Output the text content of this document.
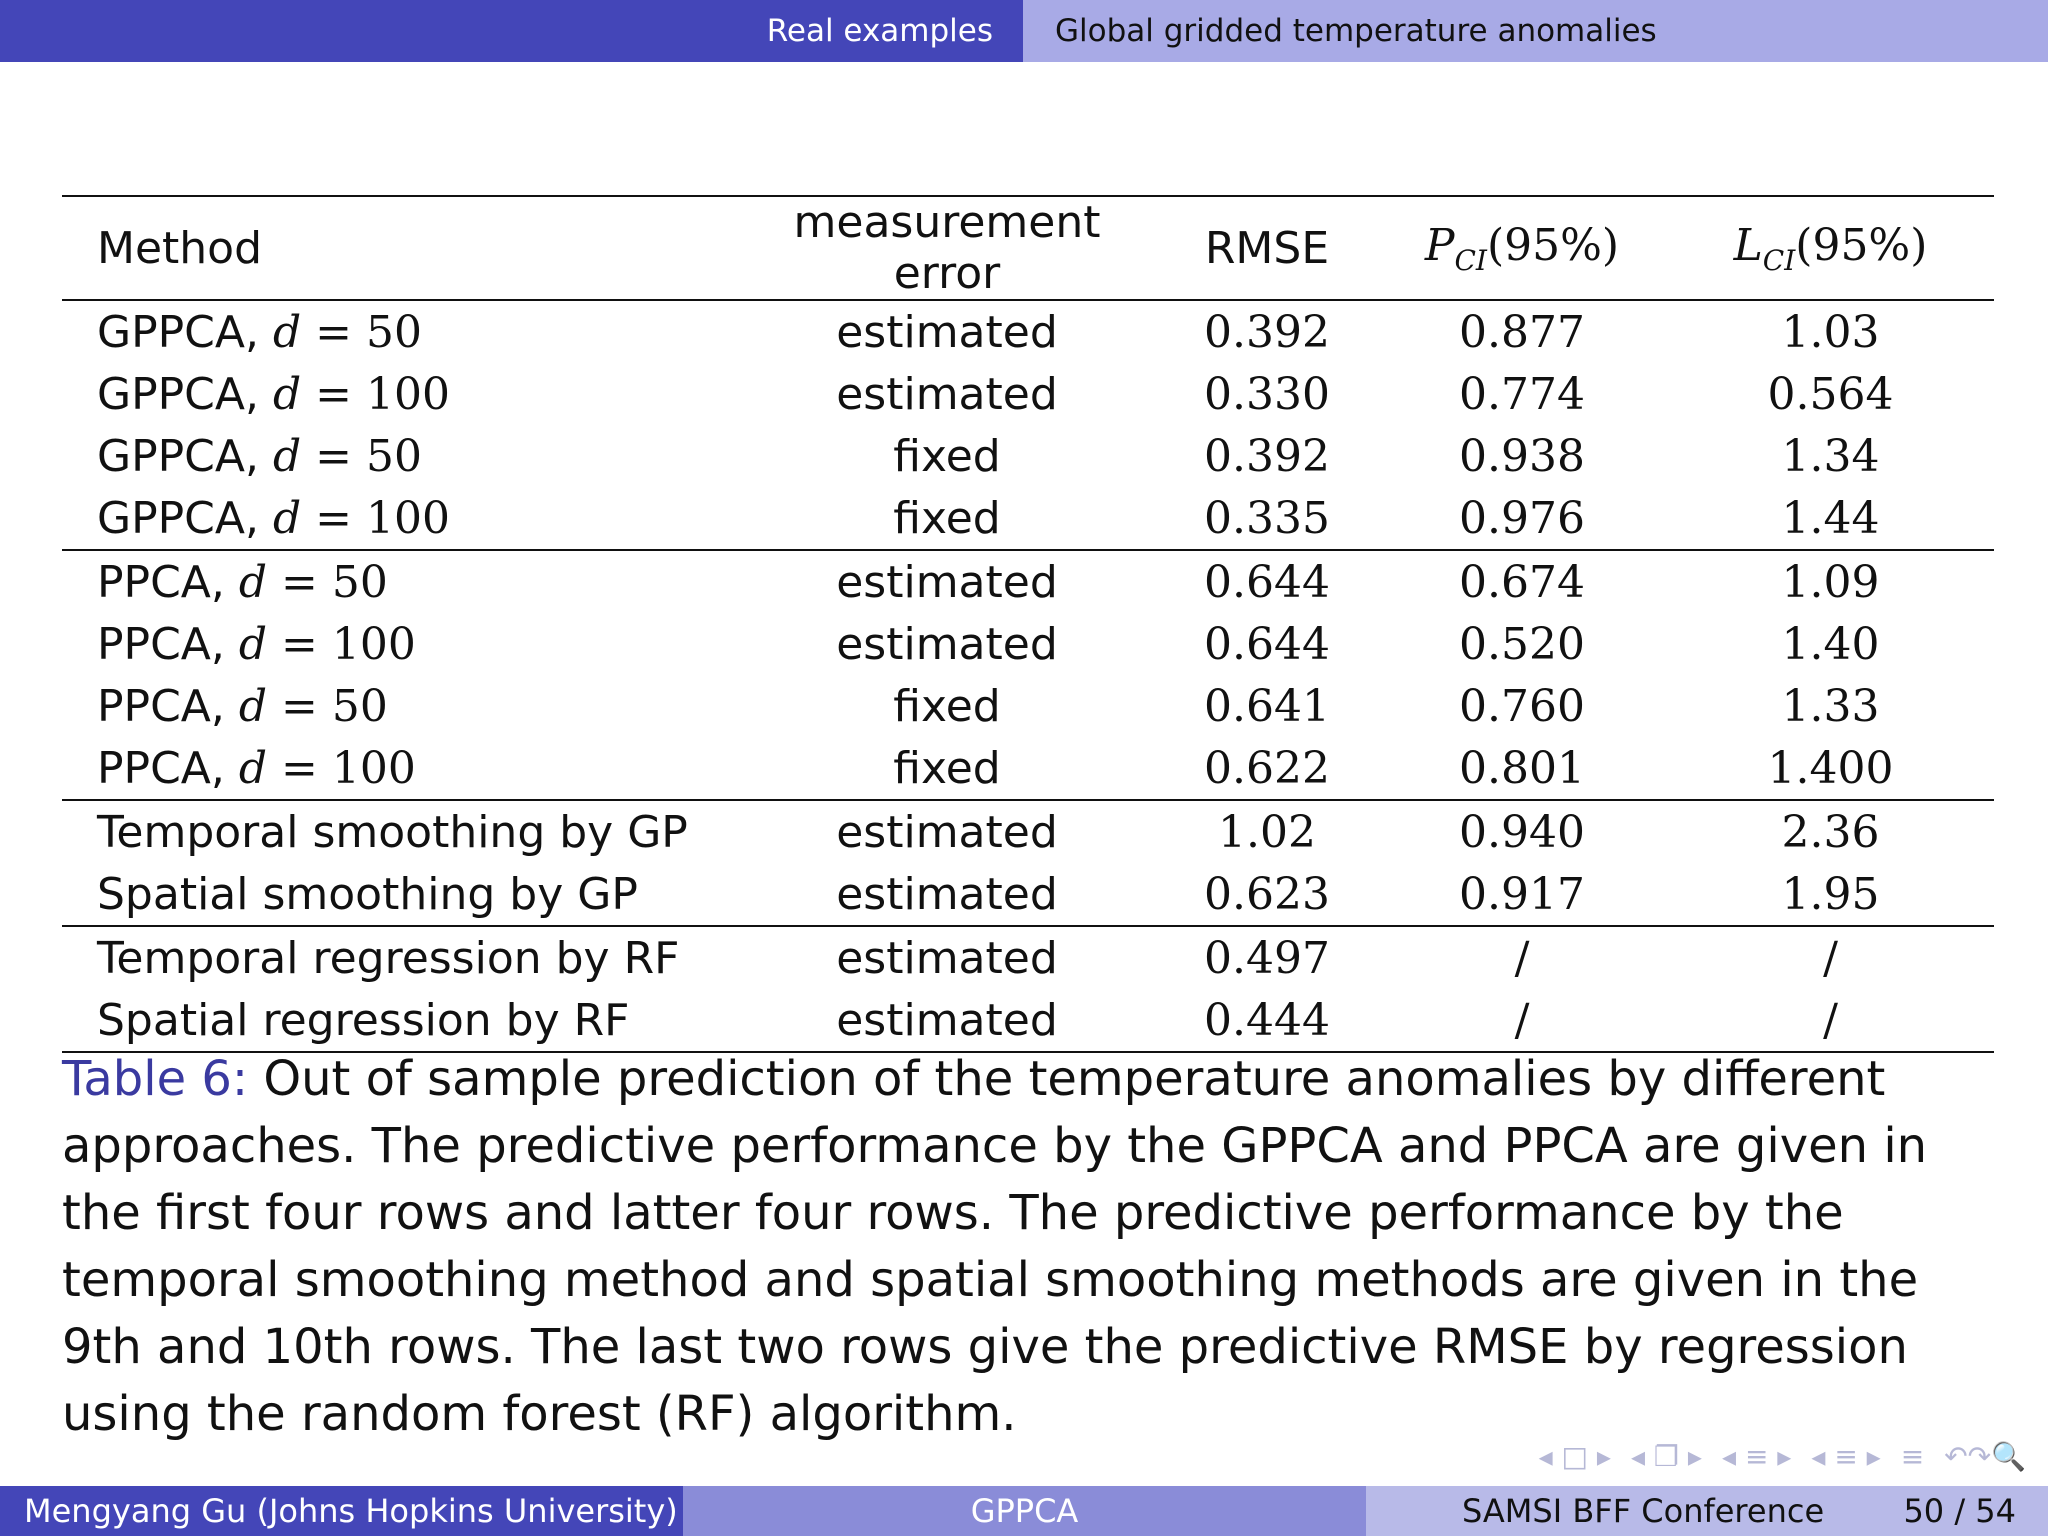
Real examples	Global gridded temperature anomalies
Method	measurement error	RMSE	$P_{CI}(95\%)$	$L_{CI}(95\%)$
GPPCA, d = 50	estimated	0.392	0.877	1.03
GPPCA, d = 100	estimated	0.330	0.774	0.564
GPPCA, d = 50	fixed	0.392	0.938	1.34
GPPCA, d = 100	fixed	0.335	0.976	1.44
PPCA, d = 50	estimated	0.644	0.674	1.09
PPCA, d = 100	estimated	0.644	0.520	1.40
PPCA, d = 50	fixed	0.641	0.760	1.33
PPCA, d = 100	fixed	0.622	0.801	1.400
Temporal smoothing by GP	estimated	1.02	0.940	2.36
Spatial smoothing by GP	estimated	0.623	0.917	1.95
Temporal regression by RF	estimated	0.497	/	/
Spatial regression by RF	estimated	0.444	/	/
Table 6: Out of sample prediction of the temperature anomalies by different approaches. The predictive performance by the GPPCA and PPCA are given in the first four rows and latter four rows. The predictive performance by the temporal smoothing method and spatial smoothing methods are given in the 9th and 10th rows. The last two rows give the predictive RMSE by regression using the random forest (RF) algorithm.
◂ □ ▸ ◂ ❐ ▸ ◂ ≡ ▸ ◂ ≡ ▸ ≡ ↶↷🔍
Mengyang Gu (Johns Hopkins University)	GPPCA	SAMSI BFF Conference 50 / 54
